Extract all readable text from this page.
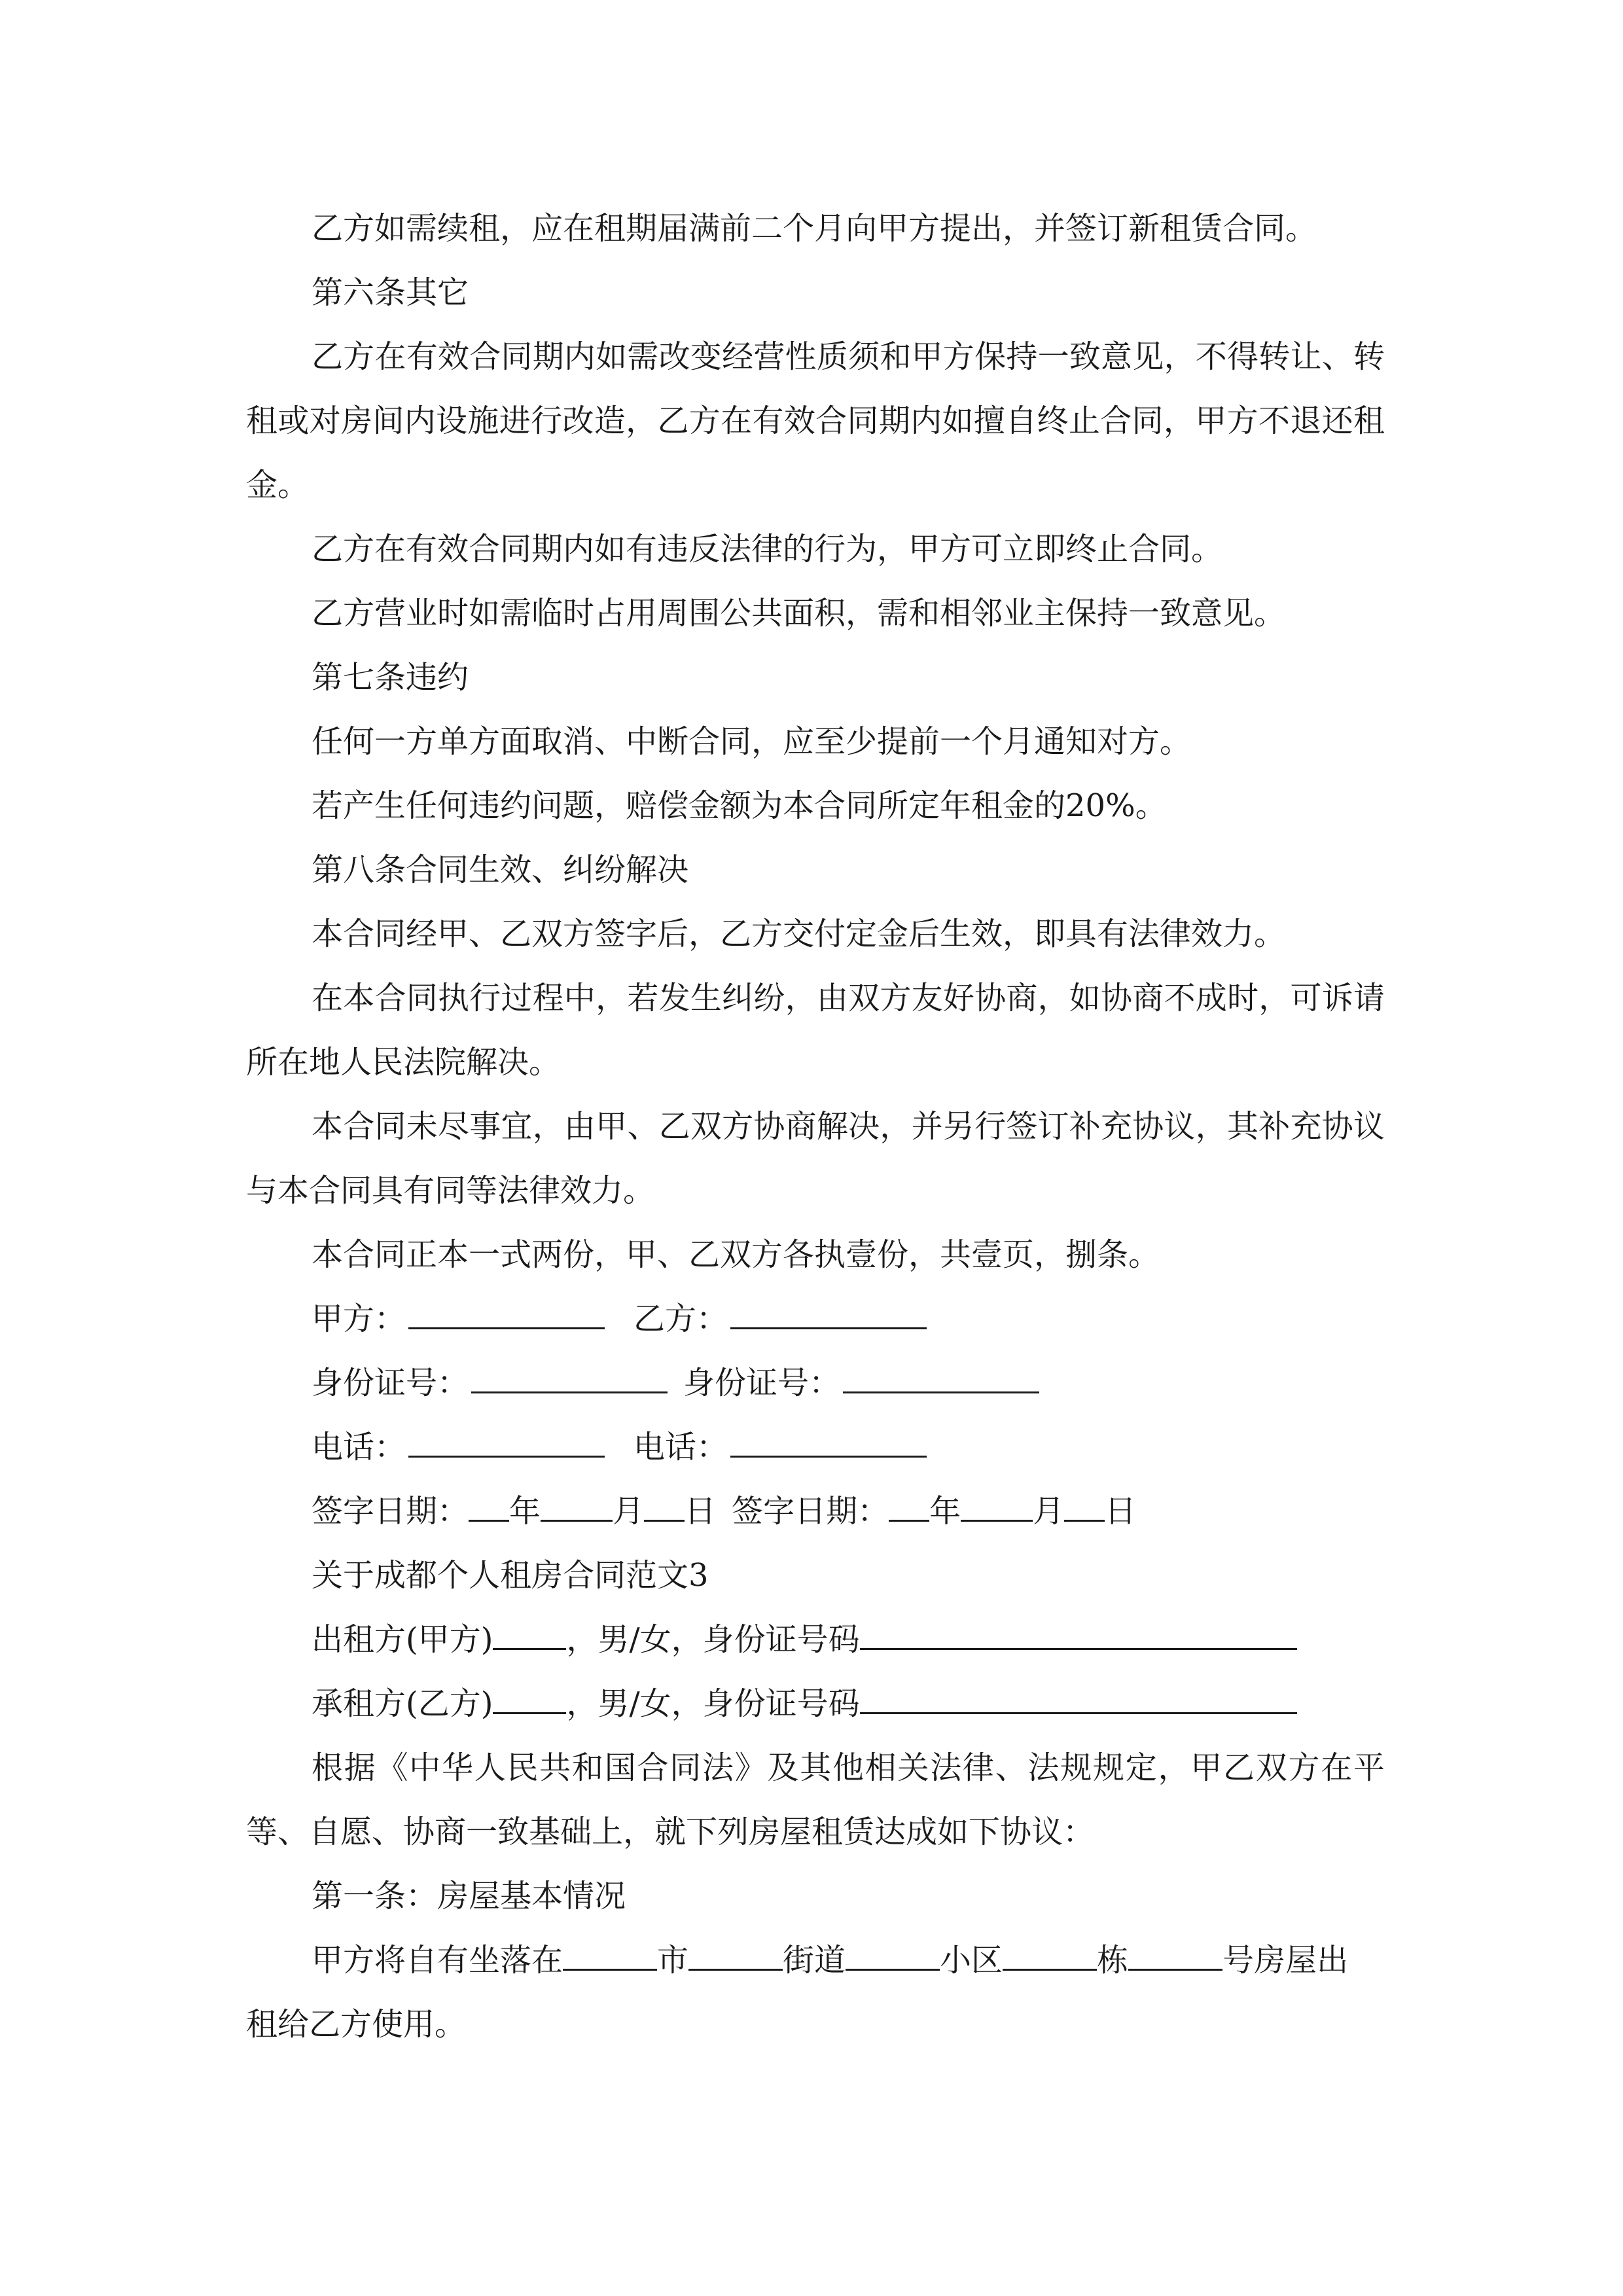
乙方如需续租，应在租期届满前二个月向甲方提出，并签订新租赁合同。

第六条其它

乙方在有效合同期内如需改变经营性质须和甲方保持一致意见，不得转让、转租或对房间内设施进行改造，乙方在有效合同期内如擅自终止合同，甲方不退还租金。

乙方在有效合同期内如有违反法律的行为，甲方可立即终止合同。

乙方营业时如需临时占用周围公共面积，需和相邻业主保持一致意见。

第七条违约

任何一方单方面取消、中断合同，应至少提前一个月通知对方。

若产生任何违约问题，赔偿金额为本合同所定年租金的20%。

第八条合同生效、纠纷解决

本合同经甲、乙双方签字后，乙方交付定金后生效，即具有法律效力。

在本合同执行过程中，若发生纠纷，由双方友好协商，如协商不成时，可诉请所在地人民法院解决。

本合同未尽事宜，由甲、乙双方协商解决，并另行签订补充协议，其补充协议与本合同具有同等法律效力。

本合同正本一式两份，甲、乙双方各执壹份，共壹页，捌条。

甲方：	乙方：

身份证号：	身份证号：

电话：	电话：

签字日期： 年 月 日 签字日期： 年 月 日

关于成都个人租房合同范文3

出租方(甲方) ，男/女，身份证号码

承租方(乙方) ，男/女，身份证号码

根据《中华人民共和国合同法》及其他相关法律、法规规定，甲乙双方在平等、自愿、协商一致基础上，就下列房屋租赁达成如下协议：

第一条：房屋基本情况

甲方将自有坐落在	市	街道	小区	栋	号房屋出

租给乙方使用。
